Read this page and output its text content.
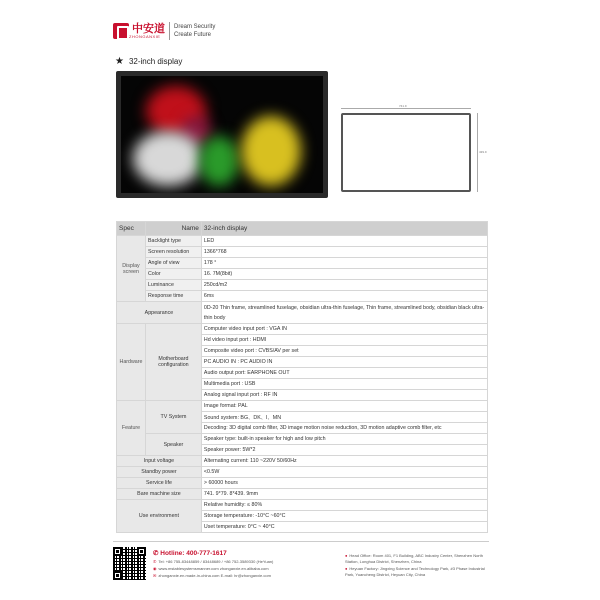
中安道
ZHONGANXIE
Dream Security
Create Future
★ 32-inch display
741.9
439.9
Spec	Name	32-inch display
Display screen	Backlight type	LED
	Screen resolution	1366*768
	Angle of view	178 °
	Color	16. 7M(8bit)
	Luminance	250cd/m2
	Response time	6ms
Appearance		0D-20 Thin frame, streamlined fuselage, obsidian ultra-thin fuselage, Thin frame, streamlined body, obsidian black ultra-thin body
Hardware	Motherboard configuration	Computer video input port : VGA IN
		Hd video input port : HDMI
		Composite video port : CVBS/AV per set
		PC AUDIO IN : PC AUDIO IN
		Audio output port: EARPHONE OUT
		Multimedia port : USB
		Analog signal input port : RF IN
Feature	TV System	Image format: PAL
		Sound system: BG、DK、I、MN
		Decoding: 3D digital comb filter, 3D image motion noise reduction, 3D motion adaptive comb filter, etc
	Speaker	Speaker type: built-in speaker for high and low pitch
		Speaker power: 5W*2
Input voltage		Alternating current: 110 ~220V 50/60Hz
Standby power		<0.5W
Service life		> 60000 hours
Bare machine size		741. 9*79. 8*439. 9mm
Use environment		Relative humidity: ≤ 80%
		Storage temperature: -10°C ~60°C
		Uset temperature: 0°C ~ 40°C
✆ Hotline: 400-777-1617
✆ Tel: +86 755-83448859 / 83448689 / +86 752-3589330 (HeYuan)
◉ www.mstablesystemsmanner.com zhonganxie.en.alibaba.com
✉ zhonganxie.en.made-in-china.com E-mail: hr@zhonganxie.com
● Head Office: Room 401, F1 Building, ABC Industry Center, Shenzhen North Station, Longhua District, Shenzhen, China
● Heyuan Factory: Jingxing Science and Technology Park, #3 Phase Industrial Park, Yuancheng District, Heyuan City, China
